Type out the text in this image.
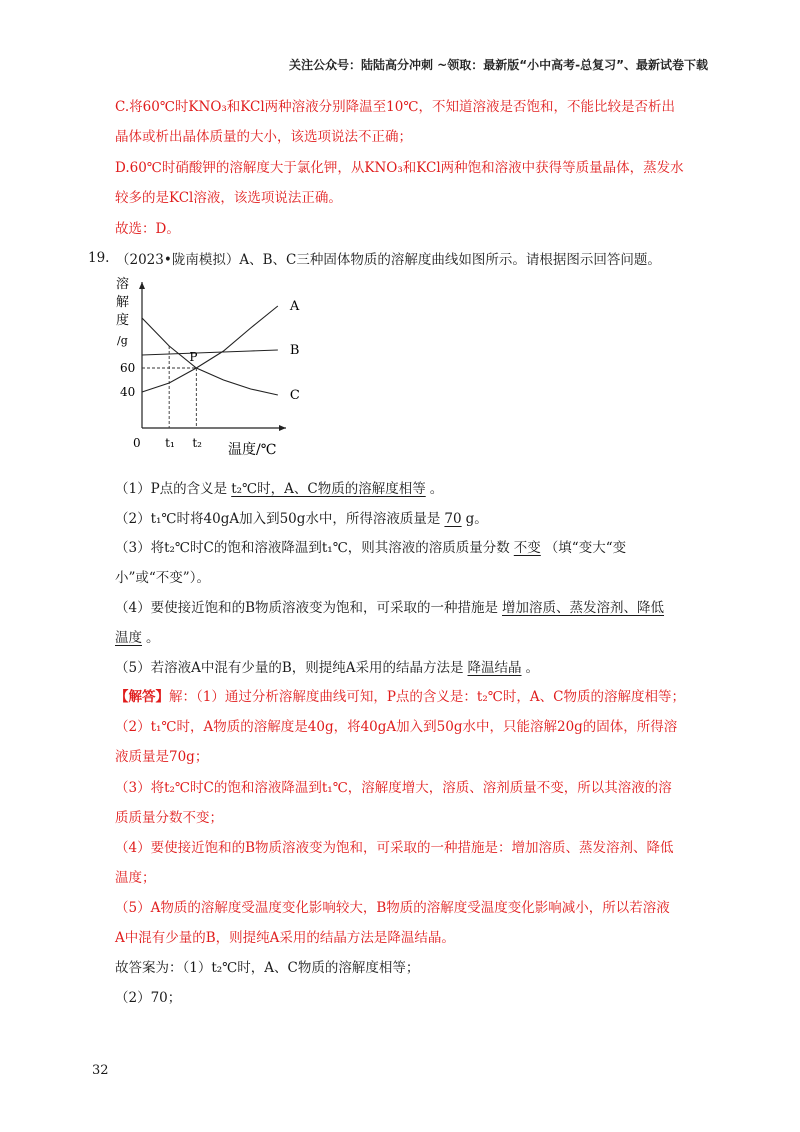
关注公众号：陆陆高分冲刺 ~领取：最新版“小中高考-总复习”、最新试卷下载
C.将60℃时KNO₃和KCl两种溶液分别降温至10℃，不知道溶液是否饱和，不能比较是否析出
晶体或析出晶体质量的大小，该选项说法不正确；
D.60℃时硝酸钾的溶解度大于氯化钾，从KNO₃和KCl两种饱和溶液中获得等质量晶体，蒸发水
较多的是KCl溶液，该选项说法正确。
故选：D。
19. （2023•陇南模拟）A、B、C三种固体物质的溶解度曲线如图所示。请根据图示回答问题。
溶
解
度
/g
0	温度/℃
A
B
C
t₁ t₂
40
60
P
（1）P点的含义是 t₂℃时，A、C物质的溶解度相等 。
（2）t₁℃时将40gA加入到50g水中，所得溶液质量是 70 g。
（3）将t₂℃时C的饱和溶液降温到t₁℃，则其溶液的溶质质量分数 不变 （填“变大“变
小”或“不变”）。
（4）要使接近饱和的B物质溶液变为饱和，可采取的一种措施是 增加溶质、蒸发溶剂、降低
温度 。
（5）若溶液A中混有少量的B，则提纯A采用的结晶方法是 降温结晶 。
【解答】解：（1）通过分析溶解度曲线可知，P点的含义是：t₂℃时，A、C物质的溶解度相等；
（2）t₁℃时，A物质的溶解度是40g，将40gA加入到50g水中，只能溶解20g的固体，所得溶
液质量是70g；
（3）将t₂℃时C的饱和溶液降温到t₁℃，溶解度增大，溶质、溶剂质量不变，所以其溶液的溶
质质量分数不变；
（4）要使接近饱和的B物质溶液变为饱和，可采取的一种措施是：增加溶质、蒸发溶剂、降低
温度；
（5）A物质的溶解度受温度变化影响较大，B物质的溶解度受温度变化影响减小，所以若溶液
A中混有少量的B，则提纯A采用的结晶方法是降温结晶。
故答案为：（1）t₂℃时，A、C物质的溶解度相等；
（2）70；
32
